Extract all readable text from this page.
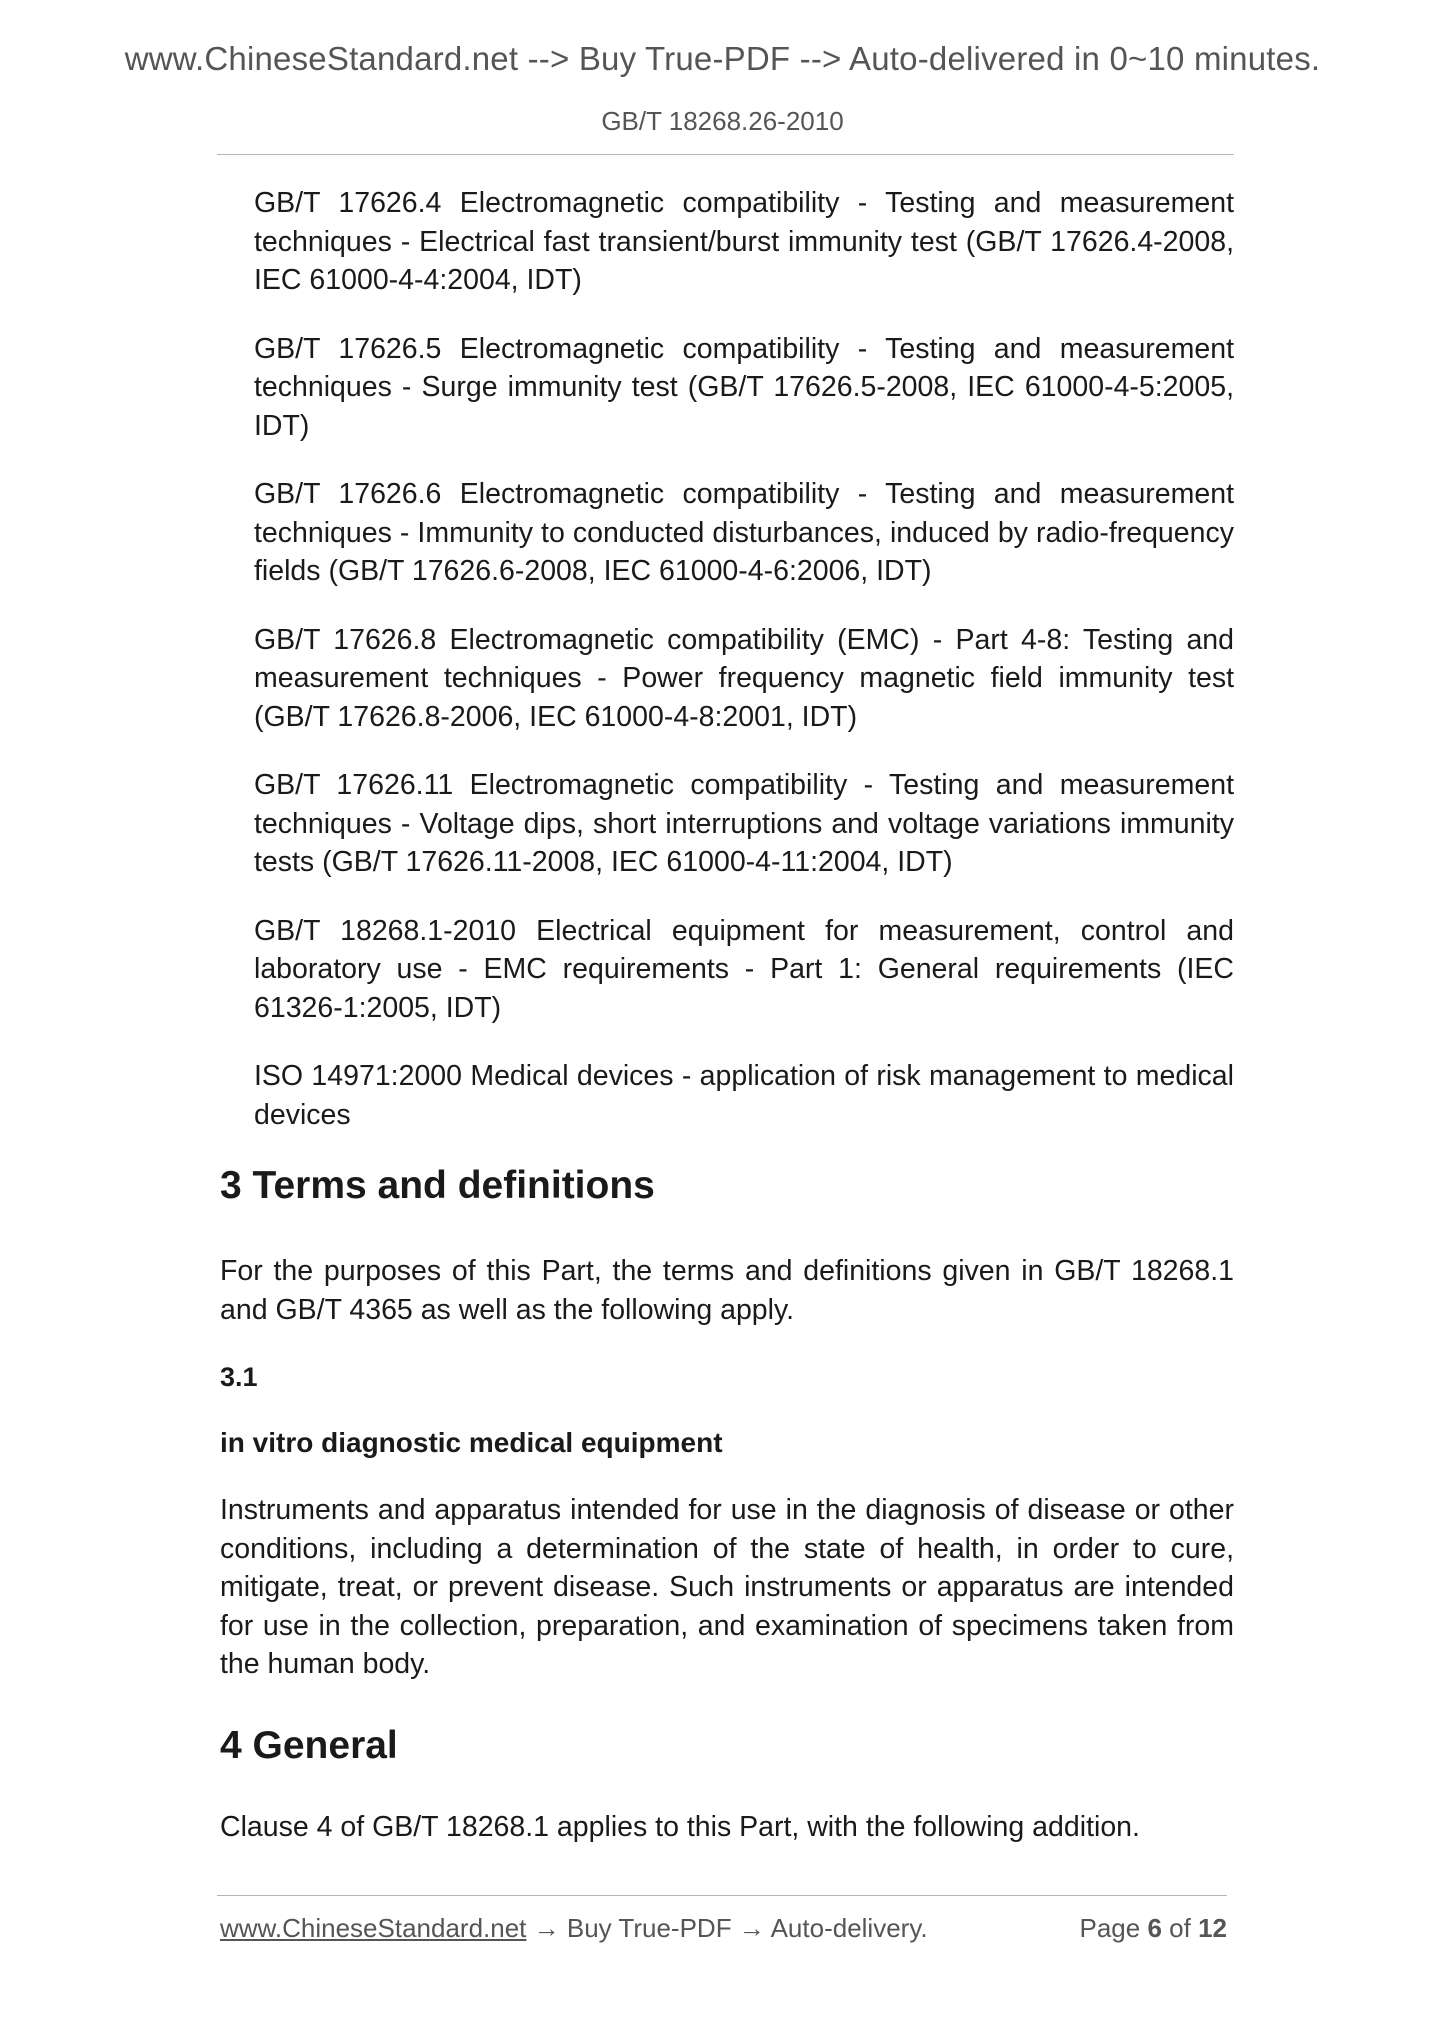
www.ChineseStandard.net --> Buy True-PDF --> Auto-delivered in 0~10 minutes.
GB/T 18268.26-2010

GB/T 17626.4 Electromagnetic compatibility - Testing and measurement techniques - Electrical fast transient/burst immunity test (GB/T 17626.4-2008, IEC 61000-4-4:2004, IDT)

GB/T 17626.5 Electromagnetic compatibility - Testing and measurement techniques - Surge immunity test (GB/T 17626.5-2008, IEC 61000-4-5:2005, IDT)

GB/T 17626.6 Electromagnetic compatibility - Testing and measurement techniques - Immunity to conducted disturbances, induced by radio-frequency fields (GB/T 17626.6-2008, IEC 61000-4-6:2006, IDT)

GB/T 17626.8 Electromagnetic compatibility (EMC) - Part 4-8: Testing and measurement techniques - Power frequency magnetic field immunity test (GB/T 17626.8-2006, IEC 61000-4-8:2001, IDT)

GB/T 17626.11 Electromagnetic compatibility - Testing and measurement techniques - Voltage dips, short interruptions and voltage variations immunity tests (GB/T 17626.11-2008, IEC 61000-4-11:2004, IDT)

GB/T 18268.1-2010 Electrical equipment for measurement, control and laboratory use - EMC requirements - Part 1: General requirements (IEC 61326-1:2005, IDT)

ISO 14971:2000 Medical devices - application of risk management to medical devices

3 Terms and definitions

For the purposes of this Part, the terms and definitions given in GB/T 18268.1 and GB/T 4365 as well as the following apply.

3.1

in vitro diagnostic medical equipment

Instruments and apparatus intended for use in the diagnosis of disease or other conditions, including a determination of the state of health, in order to cure, mitigate, treat, or prevent disease. Such instruments or apparatus are intended for use in the collection, preparation, and examination of specimens taken from the human body.

4 General

Clause 4 of GB/T 18268.1 applies to this Part, with the following addition.

www.ChineseStandard.net → Buy True-PDF → Auto-delivery.	Page 6 of 12
